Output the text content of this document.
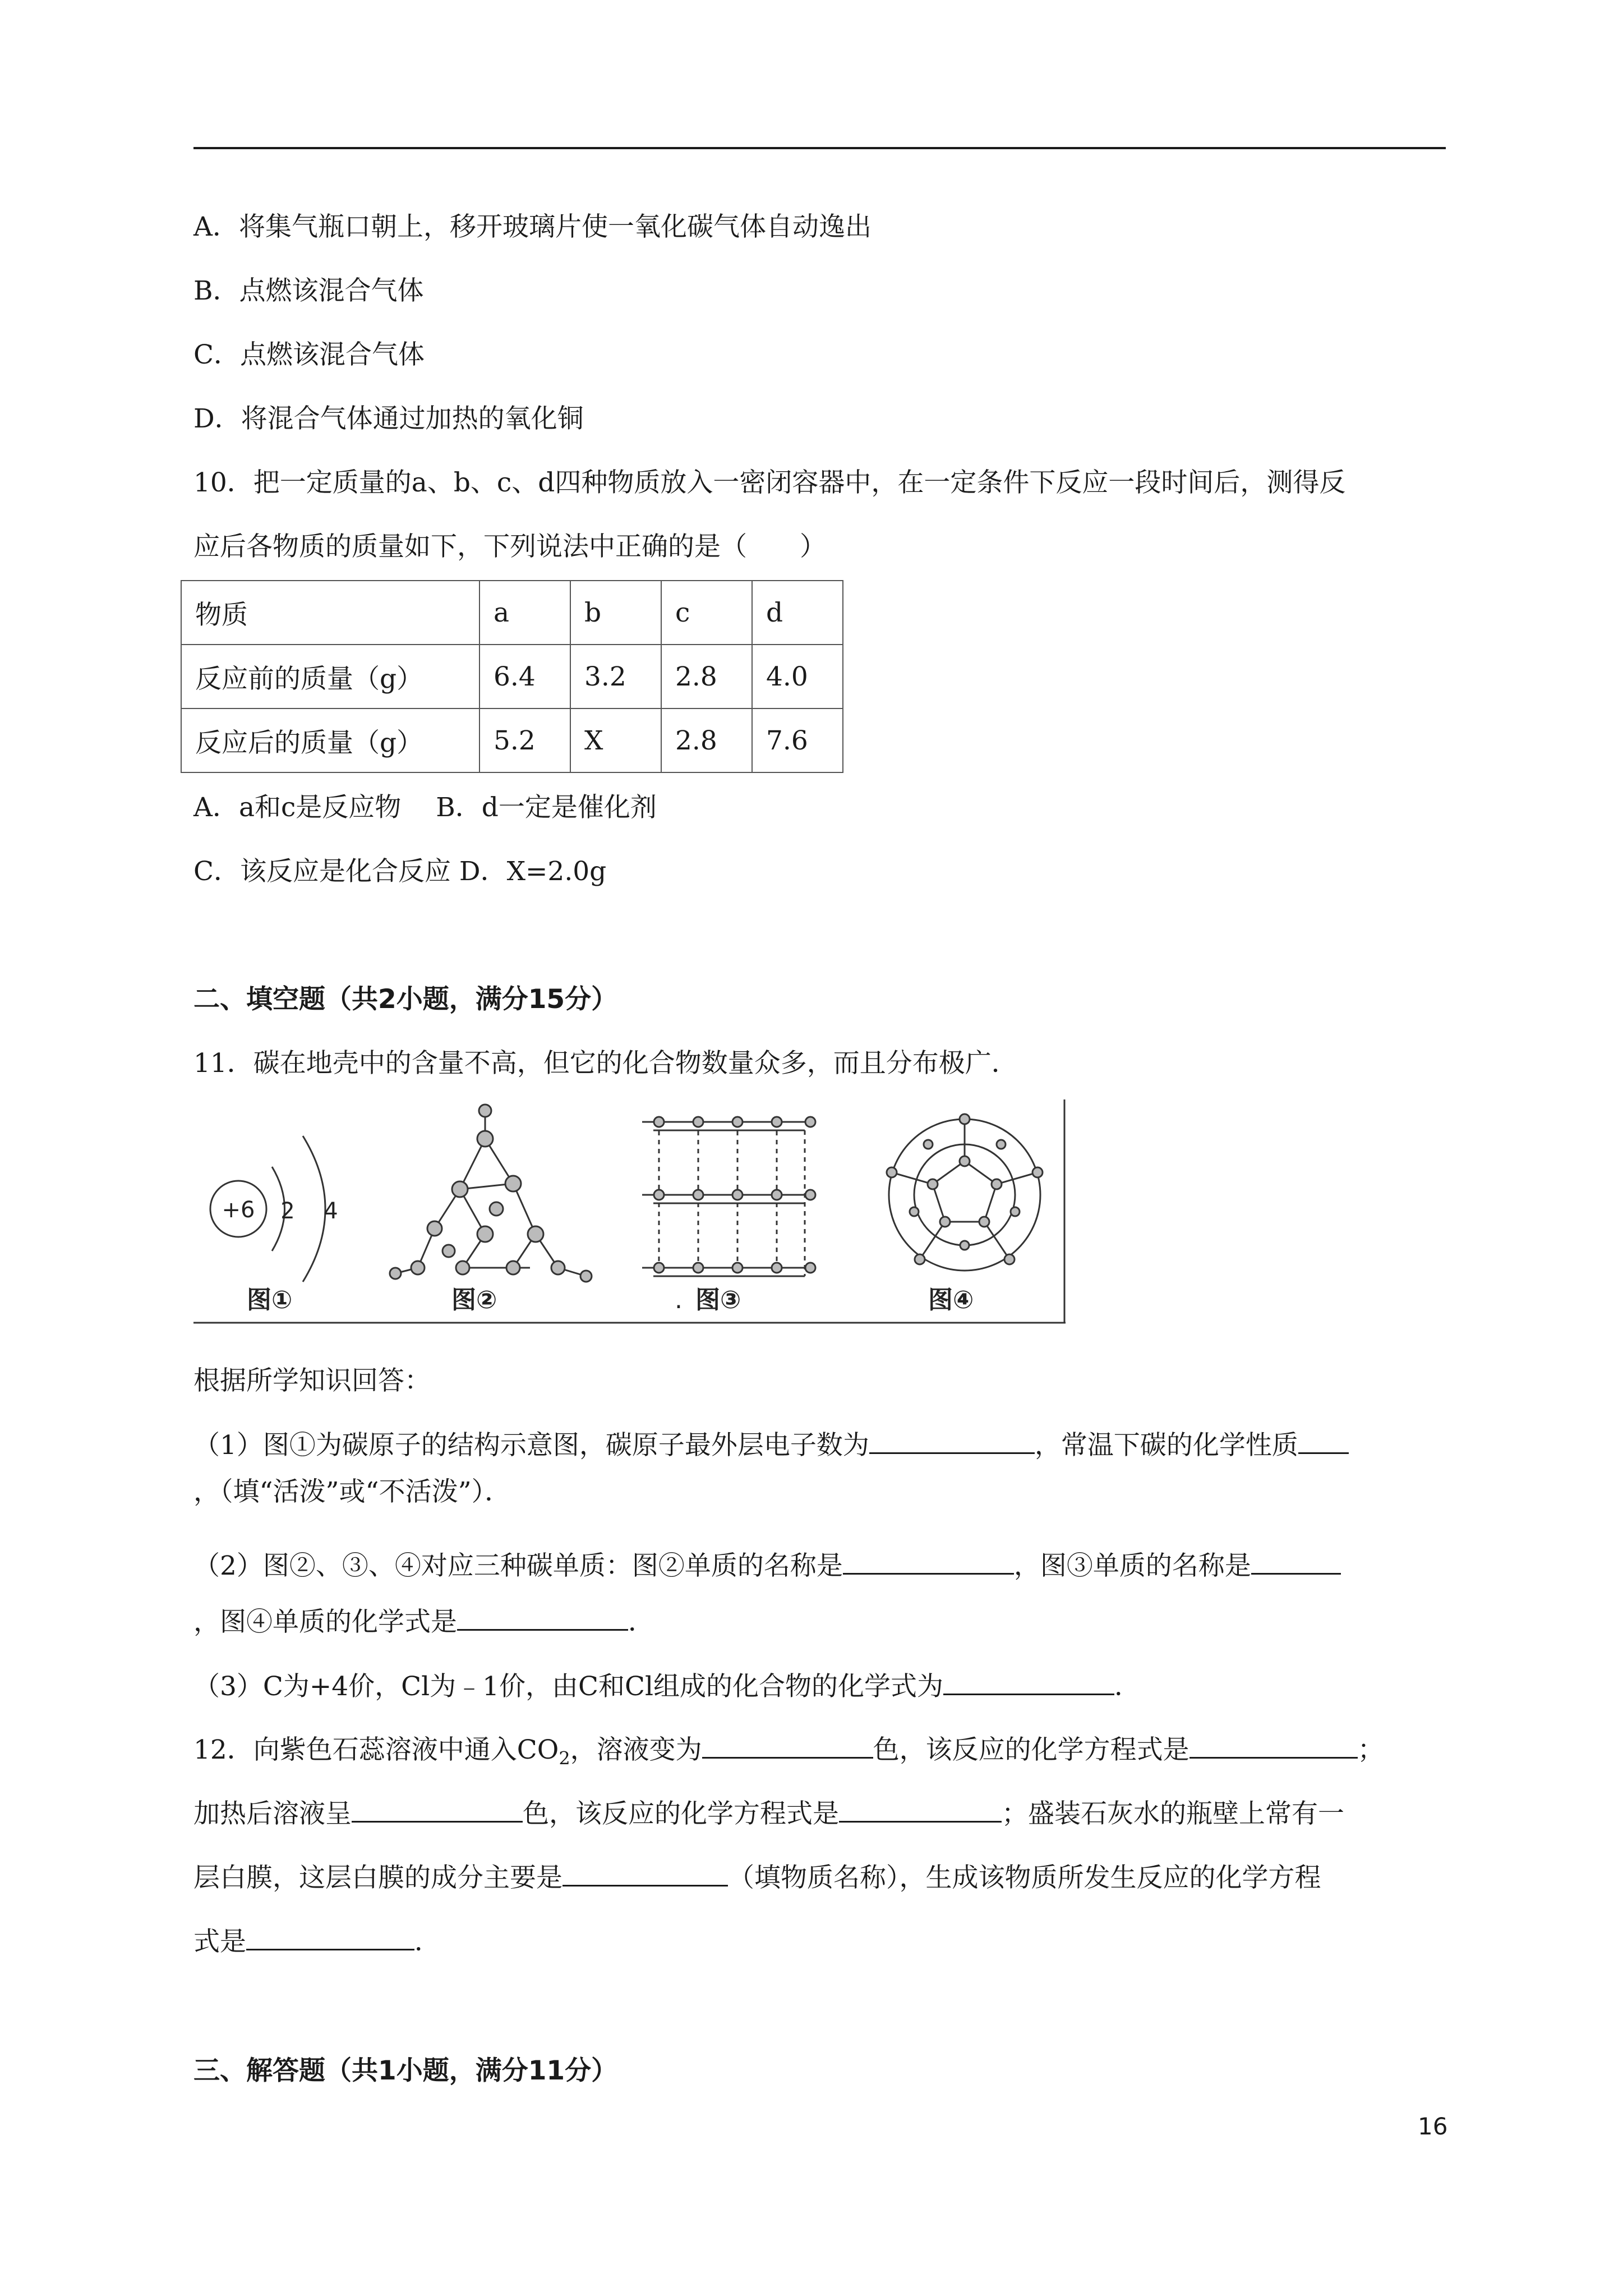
A．将集气瓶口朝上，移开玻璃片使一氧化碳气体自动逸出
B．点燃该混合气体
C．点燃该混合气体
D．将混合气体通过加热的氧化铜
10．把一定质量的a、b、c、d四种物质放入一密闭容器中，在一定条件下反应一段时间后，测得反
应后各物质的质量如下，下列说法中正确的是（　　）
物质	a	b	c	d
反应前的质量（g）	6.4	3.2	2.8	4.0
反应后的质量（g）	5.2	X	2.8	7.6
A．a和c是反应物　 B．d一定是催化剂
C．该反应是化合反应 D．X=2.0g
二、填空题（共2小题，满分15分）
11．碳在地壳中的含量不高，但它的化合物数量众多，而且分布极广．
+6 2 4
图①	图②	. 图③	图④
根据所学知识回答：
（1）图①为碳原子的结构示意图，碳原子最外层电子数为	，常温下碳的化学性质
，（填“活泼”或“不活泼”）．
（2）图②、③、④对应三种碳单质：图②单质的名称是	，图③单质的名称是
，图④单质的化学式是	．
（3）C为+4价，Cl为﹣1价，由C和Cl组成的化合物的化学式为	．
12．向紫色石蕊溶液中通入$CO_2$，溶液变为	色，该反应的化学方程式是	；
加热后溶液呈	色，该反应的化学方程式是	；盛装石灰水的瓶壁上常有一
层白膜，这层白膜的成分主要是	（填物质名称），生成该物质所发生反应的化学方程
式是	．
三、解答题（共1小题，满分11分）
16
